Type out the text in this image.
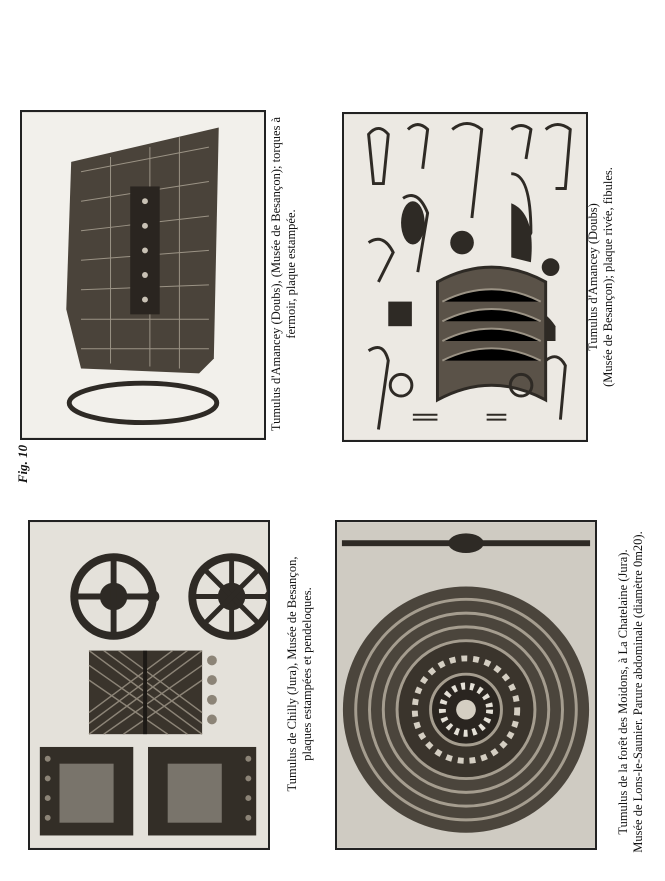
Fig. 10
Tumulus de Chilly (Jura), Musée de Besançon, plaques estampées et pendeloques.
Tumulus d'Amancey (Doubs), (Musée de Besançon); torques à fermoir, plaque estampée.
Tumulus de la forêt des Moidons, à La Chatelaine (Jura). Musée de Lons-le-Saunier. Parure abdominale (diamètre 0m20).
Tumulus d'Amancey (Doubs) (Musée de Besançon); plaque rivée, fibules.
